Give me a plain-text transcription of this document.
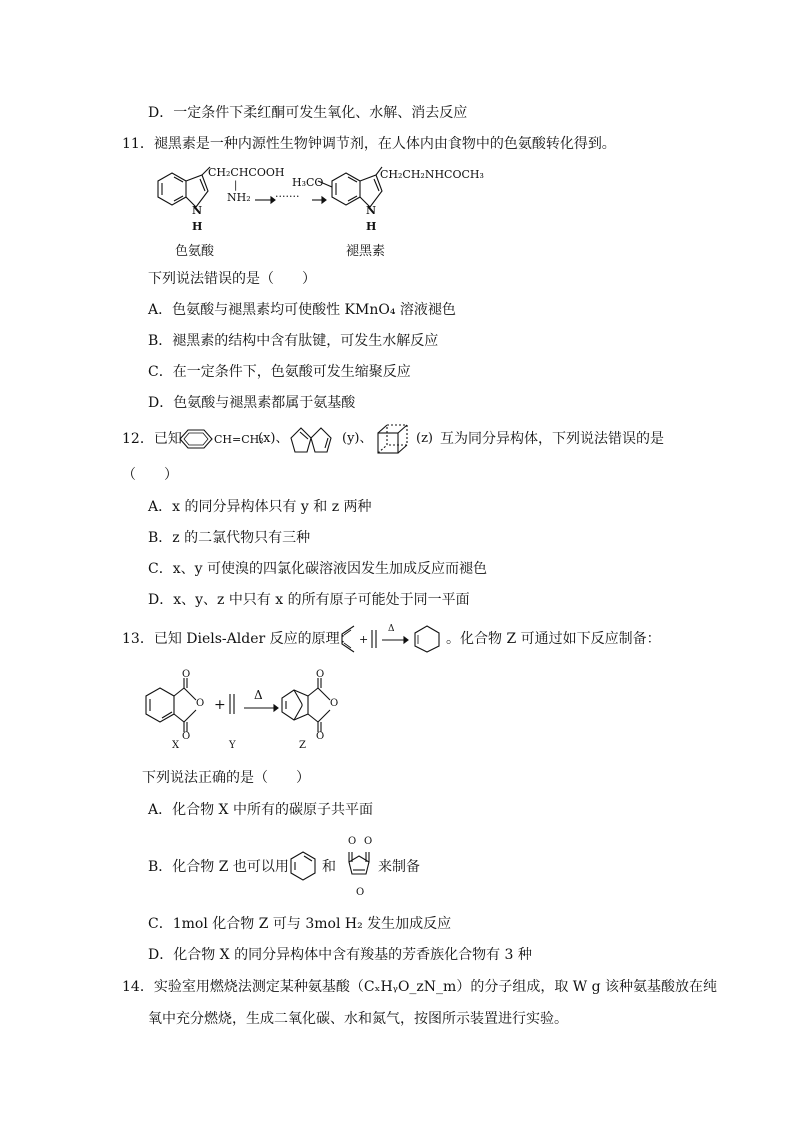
D．一定条件下柔红酮可发生氧化、水解、消去反应
11．褪黑素是一种内源性生物钟调节剂，在人体内由食物中的色氨酸转化得到。
CH₂CHCOOH
|
NH₂
N
H
·······
色氨酸
H₃CO
CH₂CH₂NHCOCH₃
N
H
褪黑素
下列说法错误的是（　　）
A．色氨酸与褪黑素均可使酸性 KMnO₄ 溶液褪色
B．褪黑素的结构中含有肽键，可发生水解反应
C．在一定条件下，色氨酸可发生缩聚反应
D．色氨酸与褪黑素都属于氨基酸
12．已知	CH=CH₂
(x)、	(y)、	(z) 互为同分异构体，下列说法错误的是
（　　）
A．x 的同分异构体只有 y 和 z 两种
B．z 的二氯代物只有三种
C．x、y 可使溴的四氯化碳溶液因发生加成反应而褪色
D．x、y、z 中只有 x 的所有原子可能处于同一平面
13．已知 Diels-Alder 反应的原理： +
Δ
。化合物 Z 可通过如下反应制备：
O
O
O
X
+
Y
Δ
O
O
O
Z
下列说法正确的是（　　）
A．化合物 X 中所有的碳原子共平面
B．化合物 Z 也可以用 和
O O
O
来制备
C．1mol 化合物 Z 可与 3mol H₂ 发生加成反应
D．化合物 X 的同分异构体中含有羧基的芳香族化合物有 3 种
14．实验室用燃烧法测定某种氨基酸（CₓHᵧO_zN_m）的分子组成，取 W g 该种氨基酸放在纯
氧中充分燃烧，生成二氧化碳、水和氮气，按图所示装置进行实验。
